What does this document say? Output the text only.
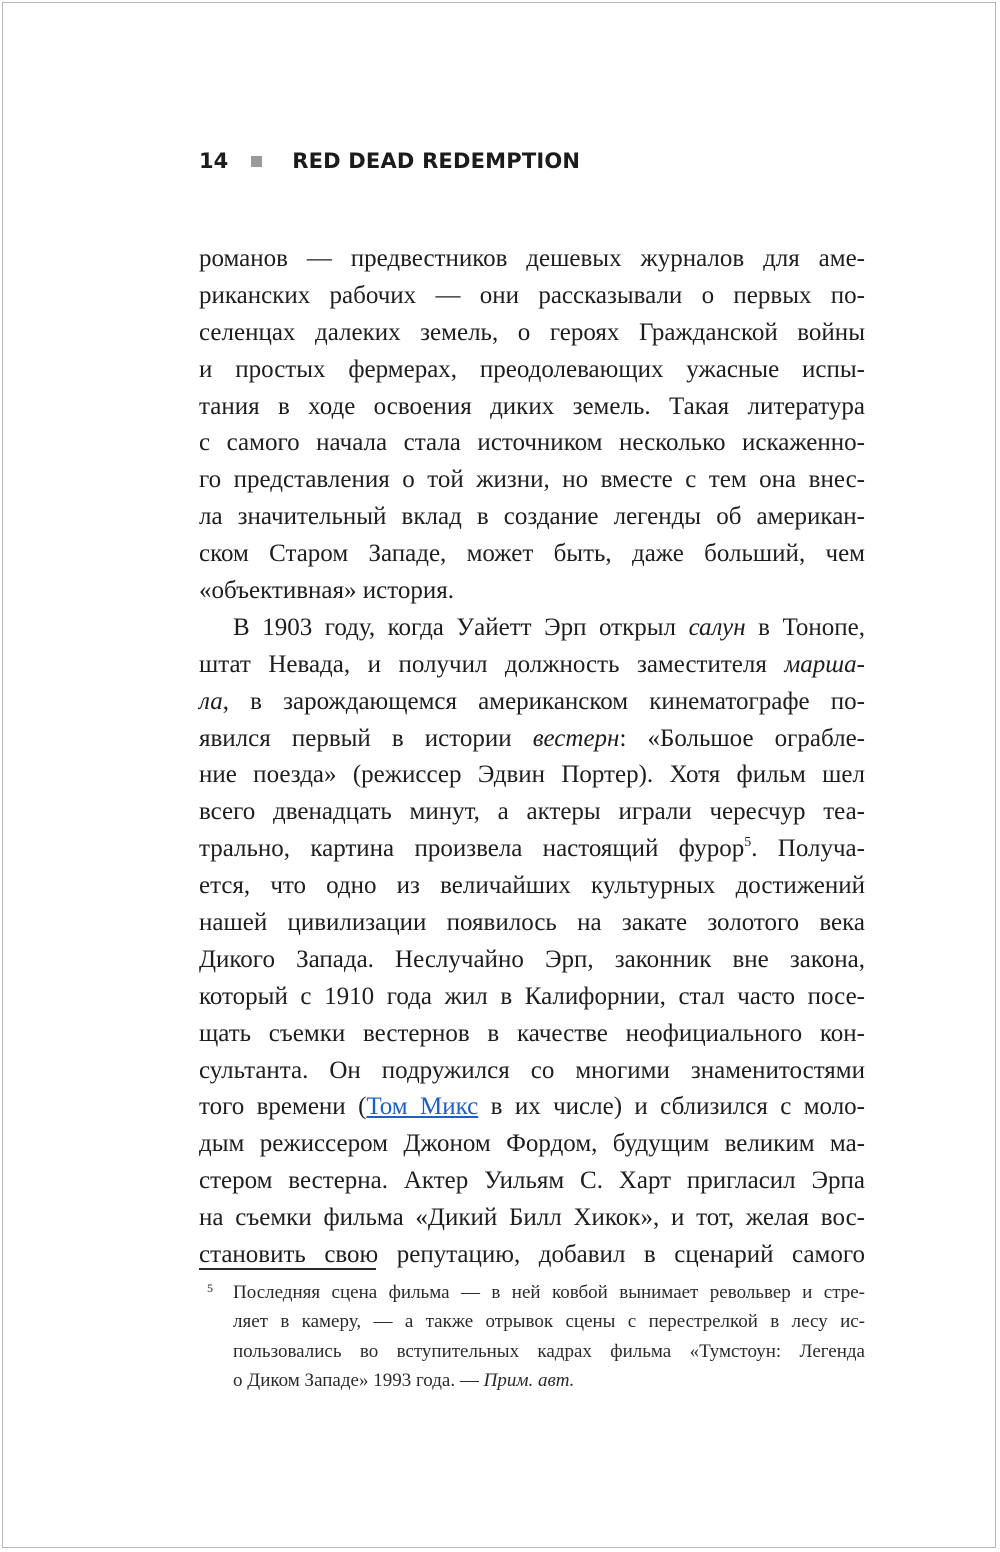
14	RED DEAD REDEMPTION
романов — предвестников дешевых журналов для аме-
риканских рабочих — они рассказывали о первых по-
селенцах далеких земель, о героях Гражданской войны
и простых фермерах, преодолевающих ужасные испы-
тания в ходе освоения диких земель. Такая литература
с самого начала стала источником несколько искаженно-
го представления о той жизни, но вместе с тем она внес-
ла значительный вклад в создание легенды об американ-
ском Старом Западе, может быть, даже больший, чем
«объективная» история.
В 1903 году, когда Уайетт Эрп открыл салун в Тонопе,
штат Невада, и получил должность заместителя марша-
ла, в зарождающемся американском кинематографе по-
явился первый в истории вестерн: «Большое ограбле-
ние поезда» (режиссер Эдвин Портер). Хотя фильм шел
всего двенадцать минут, а актеры играли чересчур теа-
трально, картина произвела настоящий фурор$^5$. Получа-
ется, что одно из величайших культурных достижений
нашей цивилизации появилось на закате золотого века
Дикого Запада. Неслучайно Эрп, законник вне закона,
который с 1910 года жил в Калифорнии, стал часто посе-
щать съемки вестернов в качестве неофициального кон-
сультанта. Он подружился со многими знаменитостями
того времени (Том Микс в их числе) и сблизился с моло-
дым режиссером Джоном Фордом, будущим великим ма-
стером вестерна. Актер Уильям С. Харт пригласил Эрпа
на съемки фильма «Дикий Билл Хикок», и тот, желая вос-
становить свою репутацию, добавил в сценарий самого
5 Последняя сцена фильма — в ней ковбой вынимает револьвер и стре-
ляет в камеру, — а также отрывок сцены с перестрелкой в лесу ис-
пользовались во вступительных кадрах фильма «Тумстоун: Легенда
о Диком Западе» 1993 года. — Прим. авт.
